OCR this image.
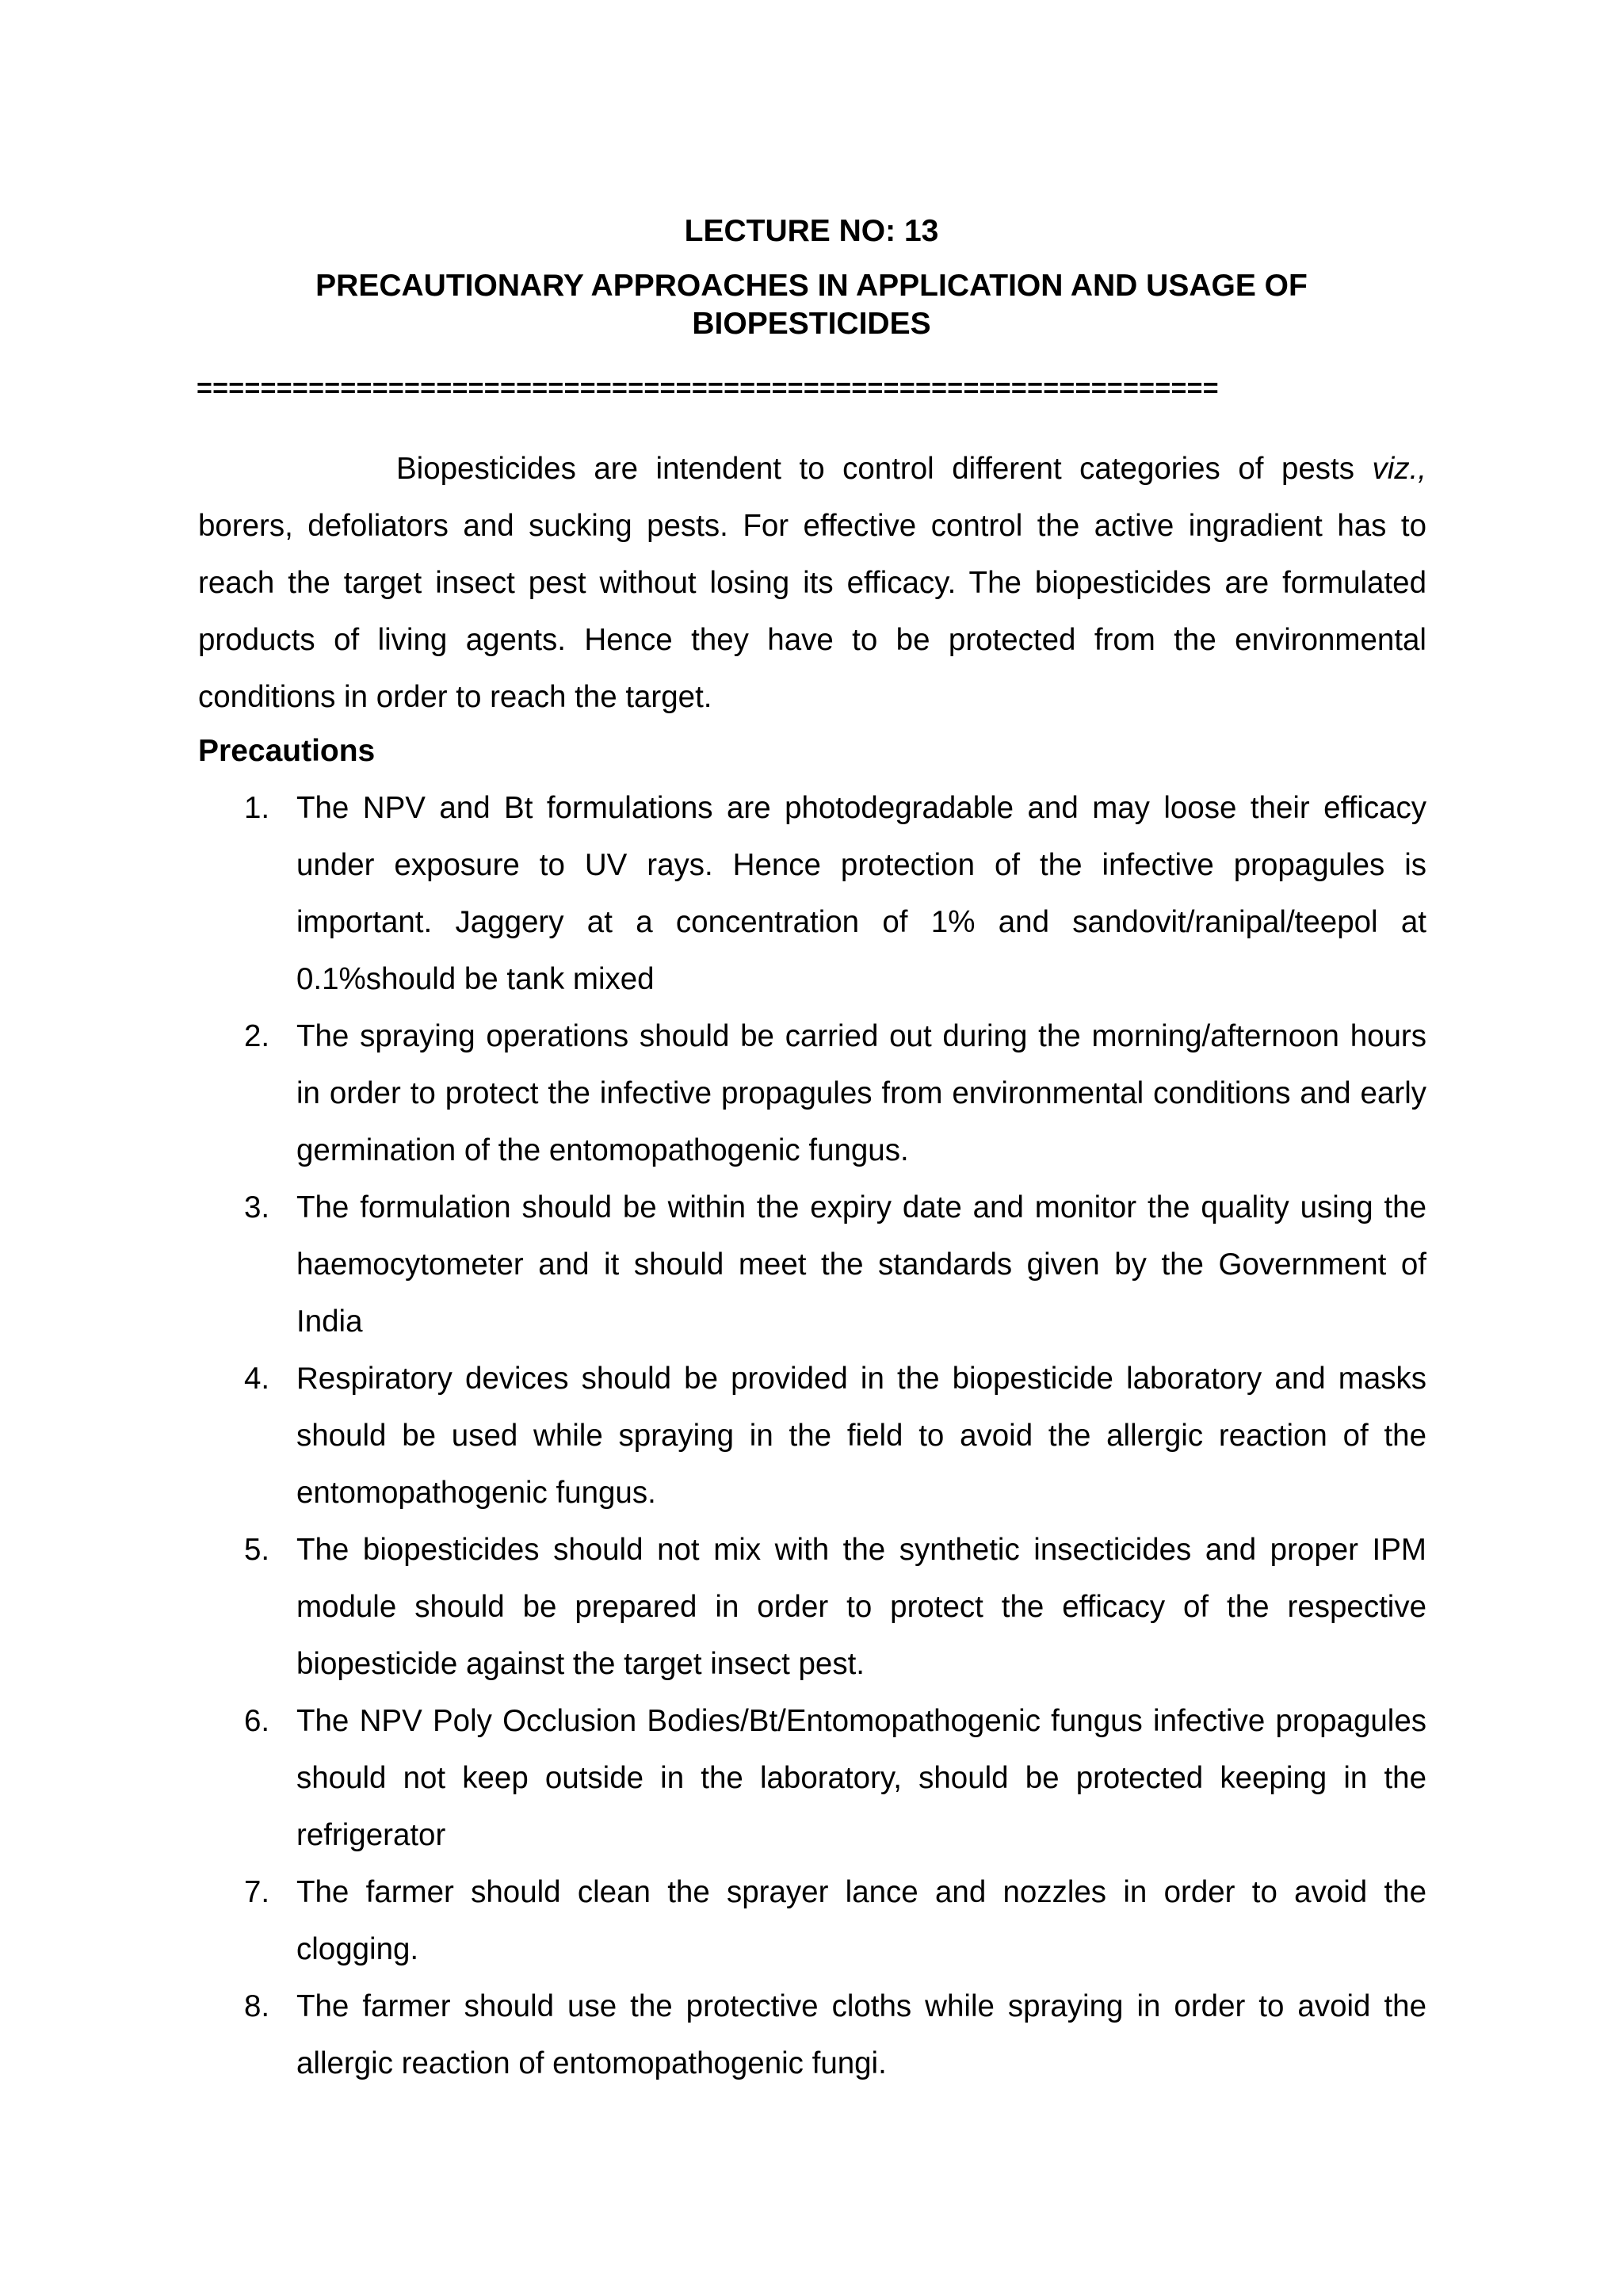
LECTURE NO: 13
PRECAUTIONARY APPROACHES IN APPLICATION AND USAGE OF BIOPESTICIDES
================================================================

Biopesticides are intendent to control different categories of pests viz., borers, defoliators and sucking pests. For effective control the active ingradient has to reach the target insect pest without losing its efficacy. The biopesticides are formulated products of living agents. Hence they have to be protected from the environmental conditions in order to reach the target.

Precautions

1. The NPV and Bt formulations are photodegradable and may loose their efficacy under exposure to UV rays. Hence protection of the infective propagules is important. Jaggery at a concentration of 1% and sandovit/ranipal/teepol at 0.1%should be tank mixed
2. The spraying operations should be carried out during the morning/afternoon hours in order to protect the infective propagules from environmental conditions and early germination of the entomopathogenic fungus.
3. The formulation should be within the expiry date and monitor the quality using the haemocytometer and it should meet the standards given by the Government of India
4. Respiratory devices should be provided in the biopesticide laboratory and masks should be used while spraying in the field to avoid the allergic reaction of the entomopathogenic fungus.
5. The biopesticides should not mix with the synthetic insecticides and proper IPM module should be prepared in order to protect the efficacy of the respective biopesticide against the target insect pest.
6. The NPV Poly Occlusion Bodies/Bt/Entomopathogenic fungus infective propagules should not keep outside in the laboratory, should be protected keeping in the refrigerator
7. The farmer should clean the sprayer lance and nozzles in order to avoid the clogging.
8. The farmer should use the protective cloths while spraying in order to avoid the allergic reaction of entomopathogenic fungi.
